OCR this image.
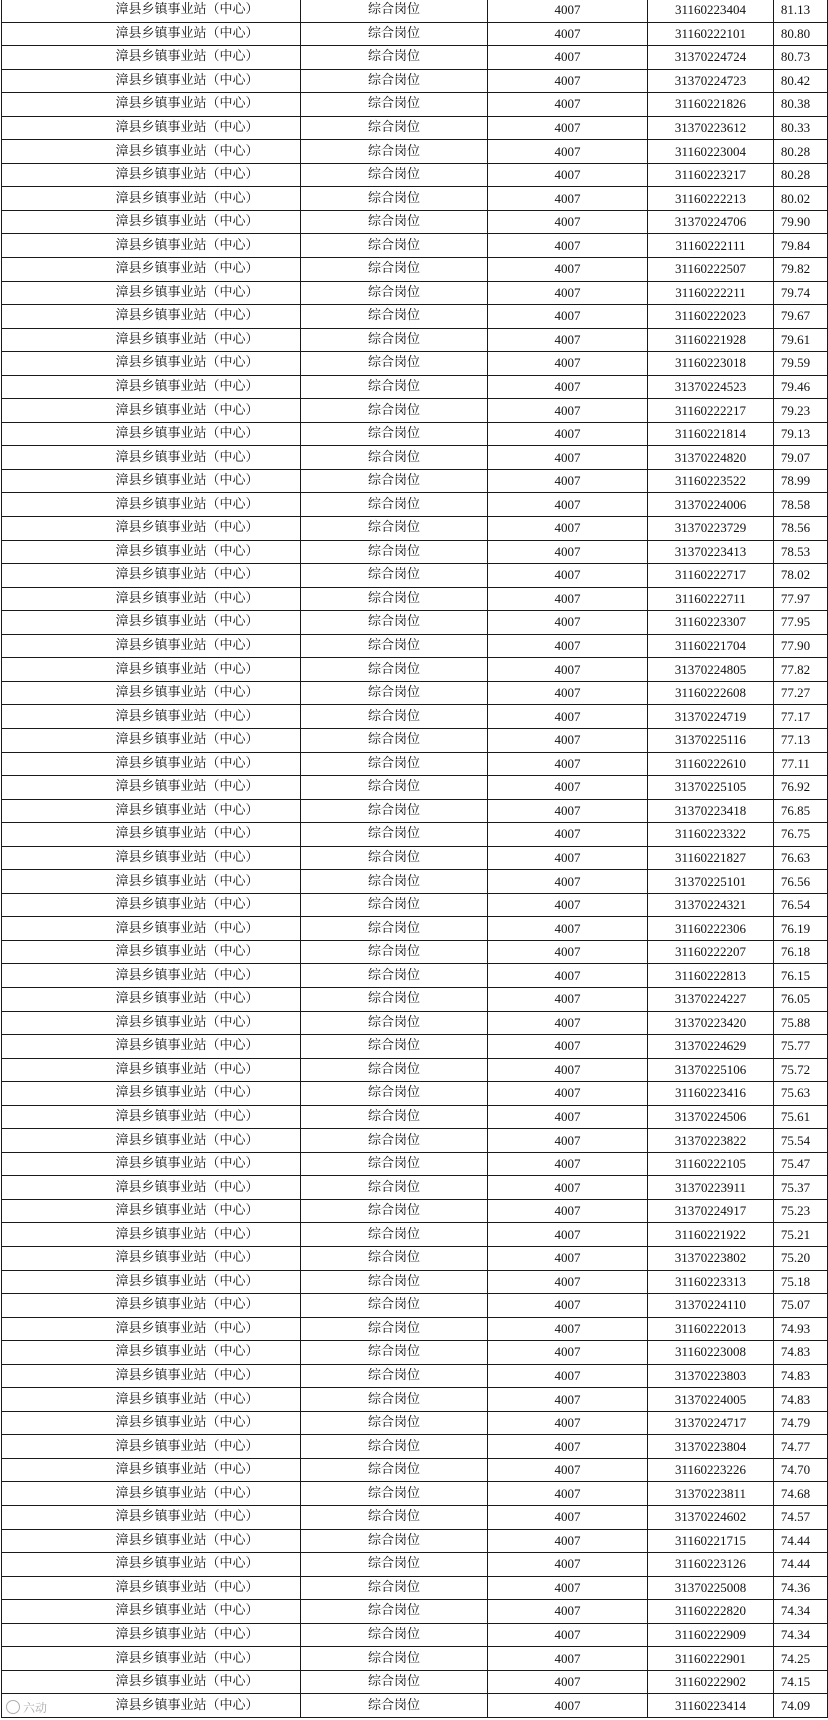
漳县乡镇事业站（中心）	综合岗位	4007	31160223404	81.13
漳县乡镇事业站（中心）	综合岗位	4007	31160222101	80.80
漳县乡镇事业站（中心）	综合岗位	4007	31370224724	80.73
漳县乡镇事业站（中心）	综合岗位	4007	31370224723	80.42
漳县乡镇事业站（中心）	综合岗位	4007	31160221826	80.38
漳县乡镇事业站（中心）	综合岗位	4007	31370223612	80.33
漳县乡镇事业站（中心）	综合岗位	4007	31160223004	80.28
漳县乡镇事业站（中心）	综合岗位	4007	31160223217	80.28
漳县乡镇事业站（中心）	综合岗位	4007	31160222213	80.02
漳县乡镇事业站（中心）	综合岗位	4007	31370224706	79.90
漳县乡镇事业站（中心）	综合岗位	4007	31160222111	79.84
漳县乡镇事业站（中心）	综合岗位	4007	31160222507	79.82
漳县乡镇事业站（中心）	综合岗位	4007	31160222211	79.74
漳县乡镇事业站（中心）	综合岗位	4007	31160222023	79.67
漳县乡镇事业站（中心）	综合岗位	4007	31160221928	79.61
漳县乡镇事业站（中心）	综合岗位	4007	31160223018	79.59
漳县乡镇事业站（中心）	综合岗位	4007	31370224523	79.46
漳县乡镇事业站（中心）	综合岗位	4007	31160222217	79.23
漳县乡镇事业站（中心）	综合岗位	4007	31160221814	79.13
漳县乡镇事业站（中心）	综合岗位	4007	31370224820	79.07
漳县乡镇事业站（中心）	综合岗位	4007	31160223522	78.99
漳县乡镇事业站（中心）	综合岗位	4007	31370224006	78.58
漳县乡镇事业站（中心）	综合岗位	4007	31370223729	78.56
漳县乡镇事业站（中心）	综合岗位	4007	31370223413	78.53
漳县乡镇事业站（中心）	综合岗位	4007	31160222717	78.02
漳县乡镇事业站（中心）	综合岗位	4007	31160222711	77.97
漳县乡镇事业站（中心）	综合岗位	4007	31160223307	77.95
漳县乡镇事业站（中心）	综合岗位	4007	31160221704	77.90
漳县乡镇事业站（中心）	综合岗位	4007	31370224805	77.82
漳县乡镇事业站（中心）	综合岗位	4007	31160222608	77.27
漳县乡镇事业站（中心）	综合岗位	4007	31370224719	77.17
漳县乡镇事业站（中心）	综合岗位	4007	31370225116	77.13
漳县乡镇事业站（中心）	综合岗位	4007	31160222610	77.11
漳县乡镇事业站（中心）	综合岗位	4007	31370225105	76.92
漳县乡镇事业站（中心）	综合岗位	4007	31370223418	76.85
漳县乡镇事业站（中心）	综合岗位	4007	31160223322	76.75
漳县乡镇事业站（中心）	综合岗位	4007	31160221827	76.63
漳县乡镇事业站（中心）	综合岗位	4007	31370225101	76.56
漳县乡镇事业站（中心）	综合岗位	4007	31370224321	76.54
漳县乡镇事业站（中心）	综合岗位	4007	31160222306	76.19
漳县乡镇事业站（中心）	综合岗位	4007	31160222207	76.18
漳县乡镇事业站（中心）	综合岗位	4007	31160222813	76.15
漳县乡镇事业站（中心）	综合岗位	4007	31370224227	76.05
漳县乡镇事业站（中心）	综合岗位	4007	31370223420	75.88
漳县乡镇事业站（中心）	综合岗位	4007	31370224629	75.77
漳县乡镇事业站（中心）	综合岗位	4007	31370225106	75.72
漳县乡镇事业站（中心）	综合岗位	4007	31160223416	75.63
漳县乡镇事业站（中心）	综合岗位	4007	31370224506	75.61
漳县乡镇事业站（中心）	综合岗位	4007	31370223822	75.54
漳县乡镇事业站（中心）	综合岗位	4007	31160222105	75.47
漳县乡镇事业站（中心）	综合岗位	4007	31370223911	75.37
漳县乡镇事业站（中心）	综合岗位	4007	31370224917	75.23
漳县乡镇事业站（中心）	综合岗位	4007	31160221922	75.21
漳县乡镇事业站（中心）	综合岗位	4007	31370223802	75.20
漳县乡镇事业站（中心）	综合岗位	4007	31160223313	75.18
漳县乡镇事业站（中心）	综合岗位	4007	31370224110	75.07
漳县乡镇事业站（中心）	综合岗位	4007	31160222013	74.93
漳县乡镇事业站（中心）	综合岗位	4007	31160223008	74.83
漳县乡镇事业站（中心）	综合岗位	4007	31370223803	74.83
漳县乡镇事业站（中心）	综合岗位	4007	31370224005	74.83
漳县乡镇事业站（中心）	综合岗位	4007	31370224717	74.79
漳县乡镇事业站（中心）	综合岗位	4007	31370223804	74.77
漳县乡镇事业站（中心）	综合岗位	4007	31160223226	74.70
漳县乡镇事业站（中心）	综合岗位	4007	31370223811	74.68
漳县乡镇事业站（中心）	综合岗位	4007	31370224602	74.57
漳县乡镇事业站（中心）	综合岗位	4007	31160221715	74.44
漳县乡镇事业站（中心）	综合岗位	4007	31160223126	74.44
漳县乡镇事业站（中心）	综合岗位	4007	31370225008	74.36
漳县乡镇事业站（中心）	综合岗位	4007	31160222820	74.34
漳县乡镇事业站（中心）	综合岗位	4007	31160222909	74.34
漳县乡镇事业站（中心）	综合岗位	4007	31160222901	74.25
漳县乡镇事业站（中心）	综合岗位	4007	31160222902	74.15
漳县乡镇事业站（中心）	综合岗位	4007	31160223414	74.09
六动
